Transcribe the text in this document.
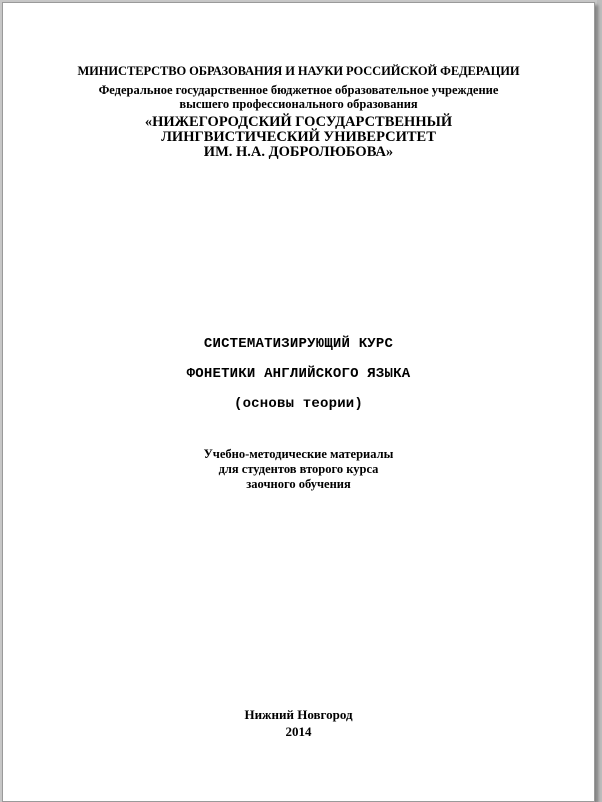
МИНИСТЕРСТВО ОБРАЗОВАНИЯ И НАУКИ РОССИЙСКОЙ ФЕДЕРАЦИИ
Федеральное государственное бюджетное образовательное учреждение
высшего профессионального образования
«НИЖЕГОРОДСКИЙ ГОСУДАРСТВЕННЫЙ
ЛИНГВИСТИЧЕСКИЙ УНИВЕРСИТЕТ
ИМ. Н.А. ДОБРОЛЮБОВА»
СИСТЕМАТИЗИРУЮЩИЙ КУРС
ФОНЕТИКИ АНГЛИЙСКОГО ЯЗЫКА
(основы теории)
Учебно-методические материалы
для студентов второго курса
заочного обучения
Нижний Новгород
2014
